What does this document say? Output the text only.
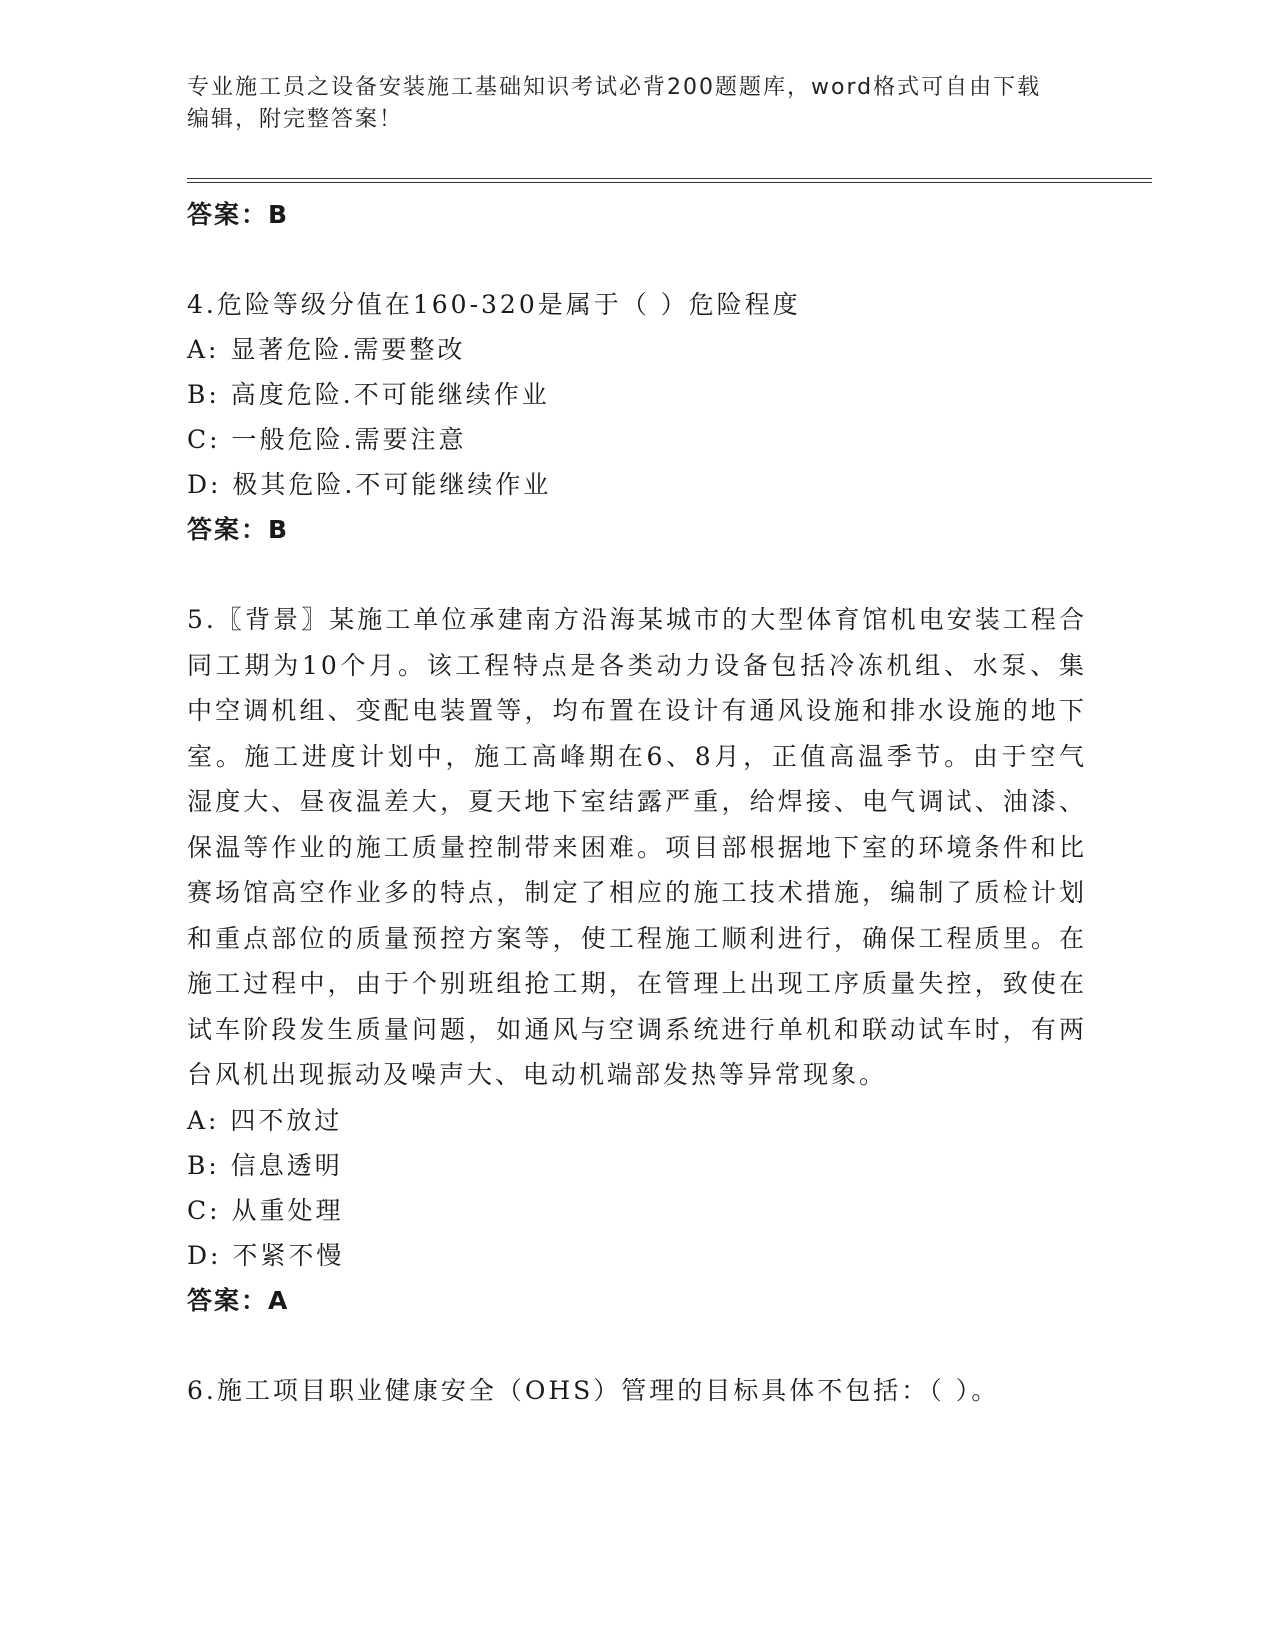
专业施工员之设备安装施工基础知识考试必背200题题库，word格式可自由下载
编辑，附完整答案！
答案：B
4.危险等级分值在160-320是属于（ ）危险程度
A: 显著危险.需要整改
B: 高度危险.不可能继续作业
C: 一般危险.需要注意
D: 极其危险.不可能继续作业
答案：B
5.〖背景〗某施工单位承建南方沿海某城市的大型体育馆机电安装工程合同工期为10个月。该工程特点是各类动力设备包括冷冻机组、水泵、集中空调机组、变配电装置等，均布置在设计有通风设施和排水设施的地下室。施工进度计划中，施工高峰期在6、8月，正值高温季节。由于空气湿度大、昼夜温差大，夏天地下室结露严重，给焊接、电气调试、油漆、保温等作业的施工质量控制带来困难。项目部根据地下室的环境条件和比赛场馆高空作业多的特点，制定了相应的施工技术措施，编制了质检计划和重点部位的质量预控方案等，使工程施工顺利进行，确保工程质里。在施工过程中，由于个别班组抢工期，在管理上出现工序质量失控，致使在试车阶段发生质量问题，如通风与空调系统进行单机和联动试车时，有两台风机出现振动及噪声大、电动机端部发热等异常现象。
A: 四不放过
B: 信息透明
C: 从重处理
D: 不紧不慢
答案：A
6.施工项目职业健康安全（OHS）管理的目标具体不包括：（ ）。
